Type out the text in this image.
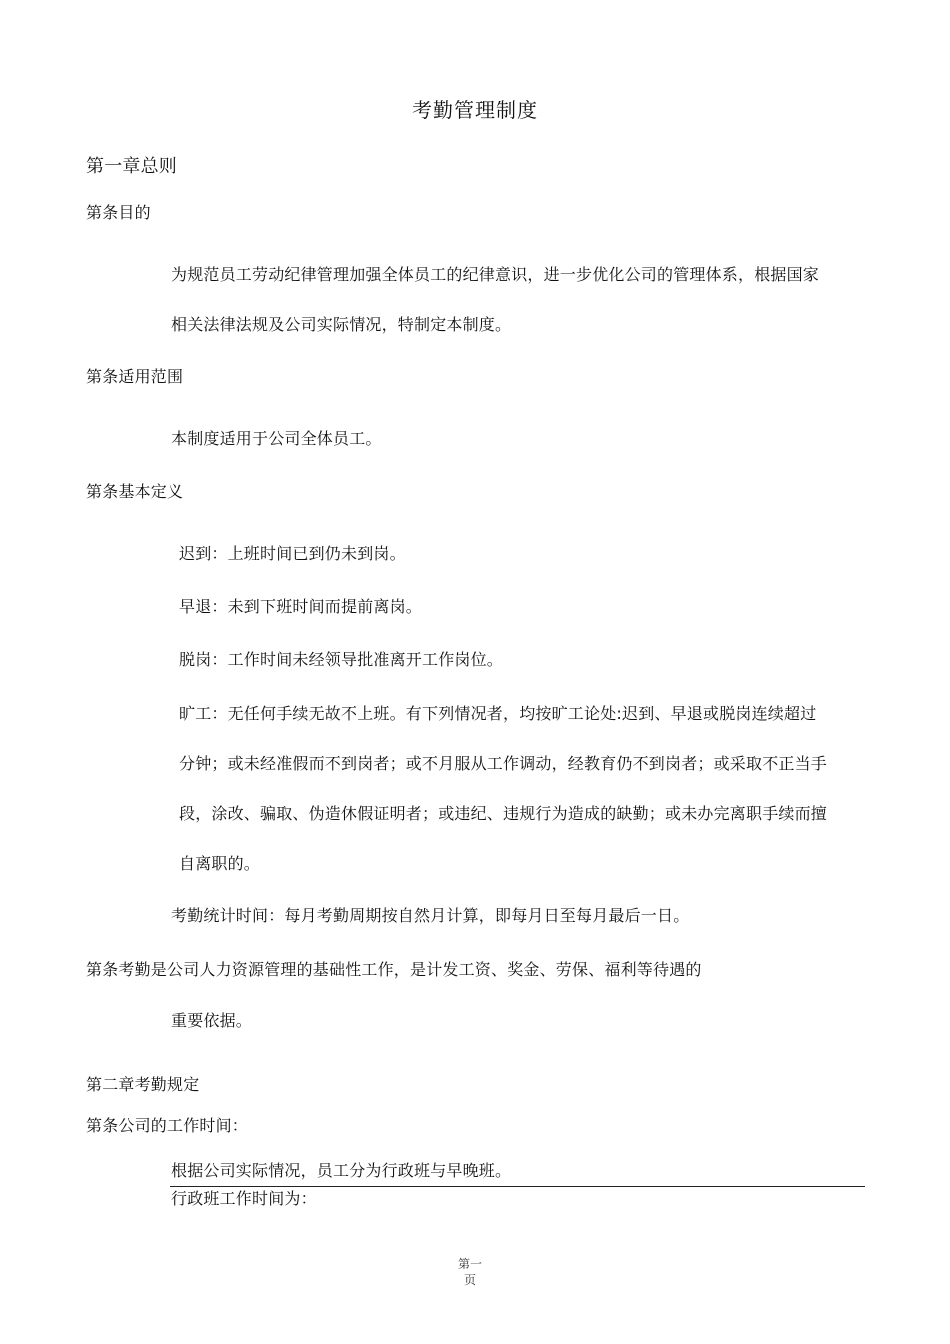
考勤管理制度
第一章总则
第条目的
为规范员工劳动纪律管理加强全体员工的纪律意识，进一步优化公司的管理体系，根据国家
相关法律法规及公司实际情况，特制定本制度。
第条适用范围
本制度适用于公司全体员工。
第条基本定义
迟到：上班时间已到仍未到岗。
早退：未到下班时间而提前离岗。
脱岗：工作时间未经领导批准离开工作岗位。
旷工：无任何手续无故不上班。有下列情况者，均按旷工论处:迟到、早退或脱岗连续超过
分钟；或未经准假而不到岗者；或不月服从工作调动，经教育仍不到岗者；或采取不正当手
段，涂改、骗取、伪造休假证明者；或违纪、违规行为造成的缺勤；或未办完离职手续而擅
自离职的。
考勤统计时间：每月考勤周期按自然月计算，即每月日至每月最后一日。
第条考勤是公司人力资源管理的基础性工作，是计发工资、奖金、劳保、福利等待遇的
重要依据。
第二章考勤规定
第条公司的工作时间：
根据公司实际情况，员工分为行政班与早晚班。
行政班工作时间为：
第一
页
